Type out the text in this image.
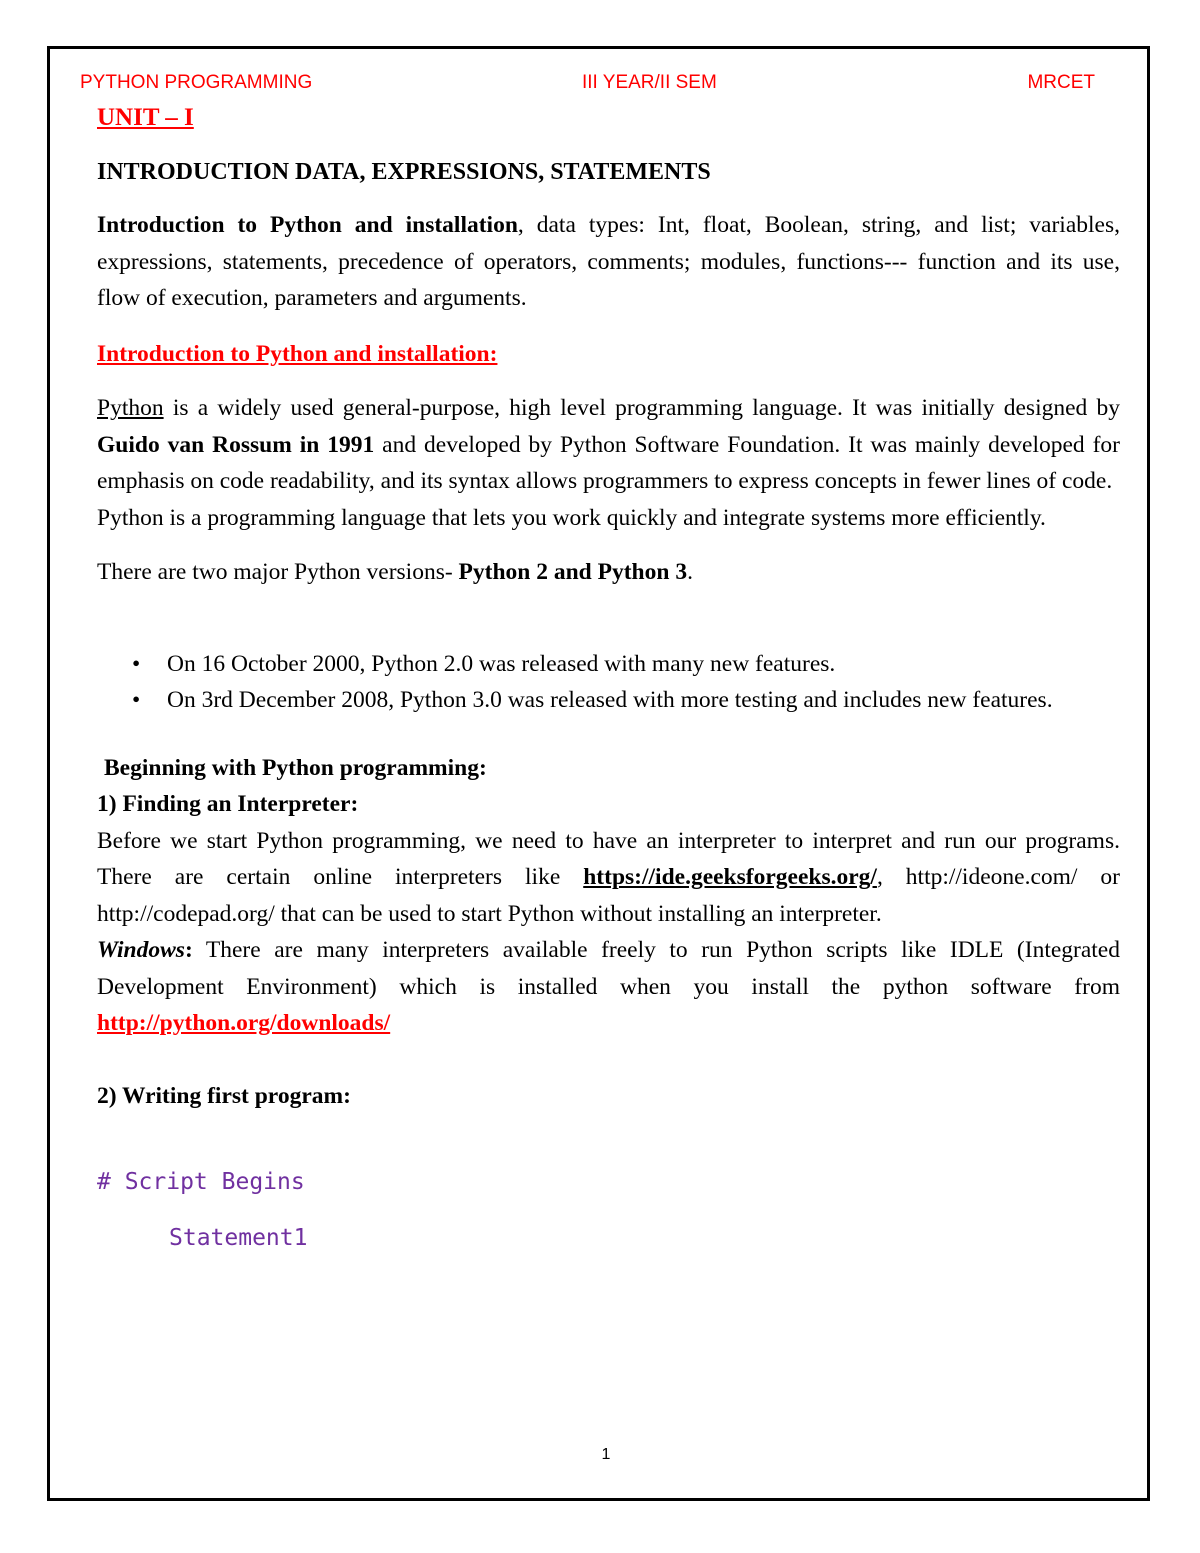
PYTHON PROGRAMMING	III YEAR/II SEM	MRCET

UNIT – I

INTRODUCTION DATA, EXPRESSIONS, STATEMENTS

Introduction to Python and installation, data types: Int, float, Boolean, string, and list; variables, expressions, statements, precedence of operators, comments; modules, functions--- function and its use, flow of execution, parameters and arguments.

Introduction to Python and installation:

Python is a widely used general-purpose, high level programming language. It was initially designed by Guido van Rossum in 1991 and developed by Python Software Foundation. It was mainly developed for emphasis on code readability, and its syntax allows programmers to express concepts in fewer lines of code.

Python is a programming language that lets you work quickly and integrate systems more efficiently.

There are two major Python versions- Python 2 and Python 3.

• On 16 October 2000, Python 2.0 was released with many new features.
• On 3rd December 2008, Python 3.0 was released with more testing and includes new features.

Beginning with Python programming:

1) Finding an Interpreter:

Before we start Python programming, we need to have an interpreter to interpret and run our programs. There are certain online interpreters like https://ide.geeksforgeeks.org/, http://ideone.com/ or http://codepad.org/ that can be used to start Python without installing an interpreter.

Windows: There are many interpreters available freely to run Python scripts like IDLE (Integrated Development Environment) which is installed when you install the python software from http://python.org/downloads/

2) Writing first program:

# Script Begins
Statement1
1
